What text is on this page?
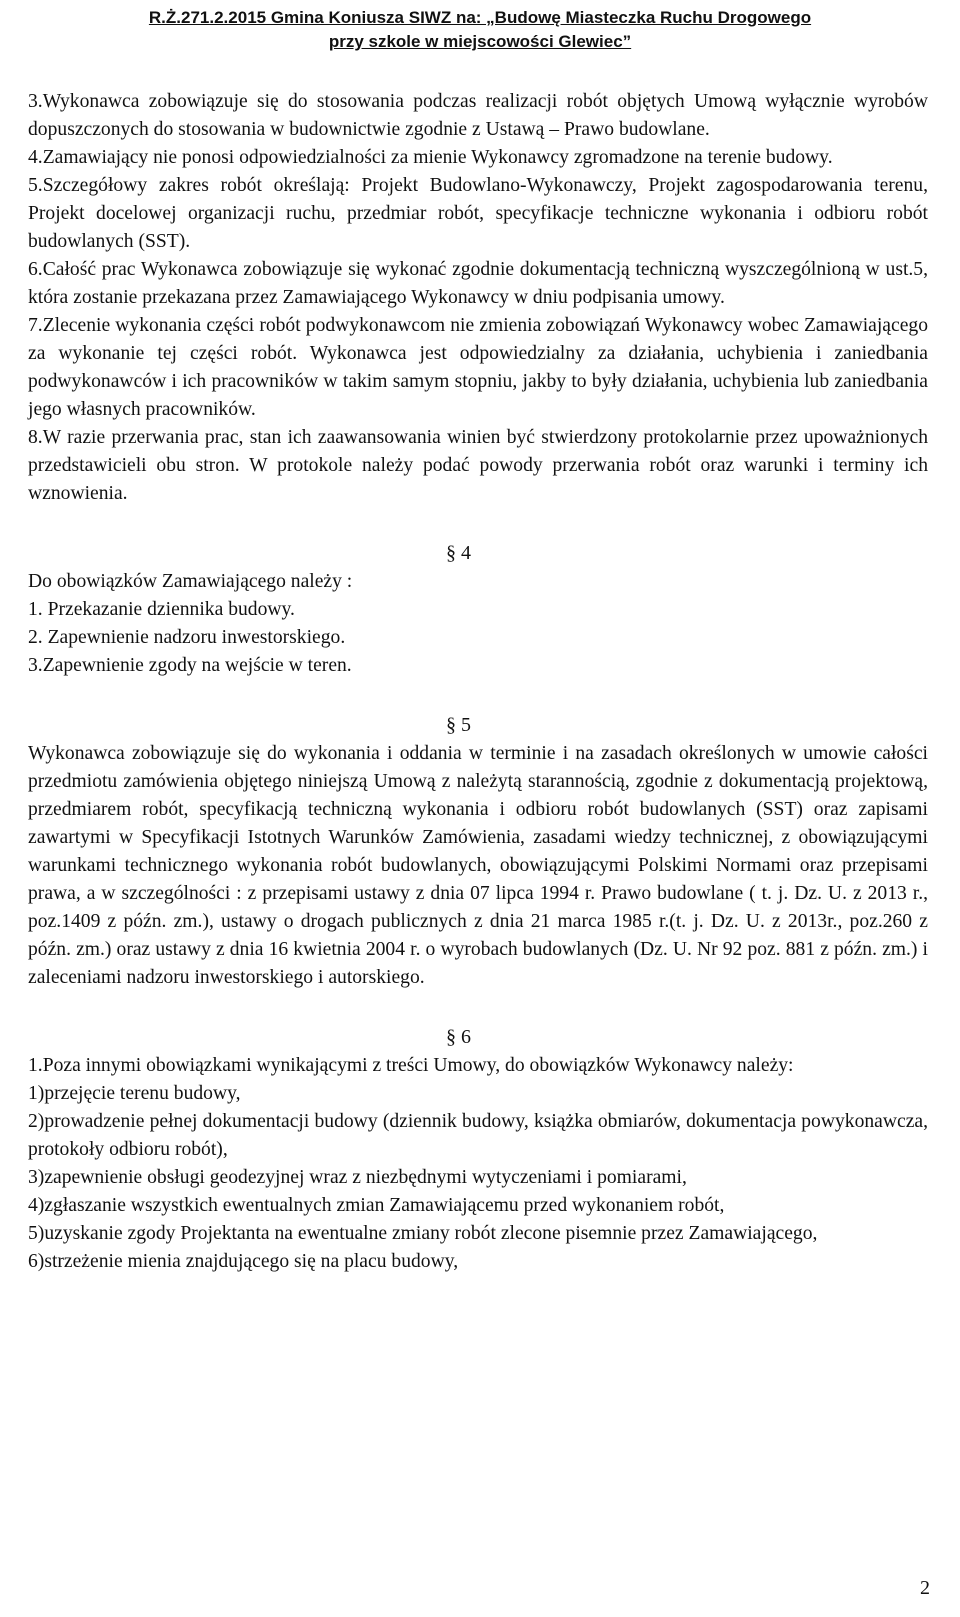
R.Ż.271.2.2015 Gmina Koniusza SIWZ na: „Budowę Miasteczka Ruchu Drogowego
przy szkole w miejscowości Glewiec”

3.Wykonawca zobowiązuje się do stosowania podczas realizacji robót objętych Umową wyłącznie wyrobów dopuszczonych do stosowania w budownictwie zgodnie z Ustawą – Prawo budowlane.

4.Zamawiający nie ponosi odpowiedzialności za mienie Wykonawcy zgromadzone na terenie budowy.

5.Szczegółowy zakres robót określają: Projekt Budowlano-Wykonawczy, Projekt zagospodarowania terenu, Projekt docelowej organizacji ruchu, przedmiar robót, specyfikacje techniczne wykonania i odbioru robót budowlanych (SST).

6.Całość prac Wykonawca zobowiązuje się wykonać zgodnie dokumentacją techniczną wyszczególnioną w ust.5, która zostanie przekazana przez Zamawiającego Wykonawcy w dniu podpisania umowy.

7.Zlecenie wykonania części robót podwykonawcom nie zmienia zobowiązań Wykonawcy wobec Zamawiającego za wykonanie tej części robót. Wykonawca jest odpowiedzialny za działania, uchybienia i zaniedbania podwykonawców i ich pracowników w takim samym stopniu, jakby to były działania, uchybienia lub zaniedbania jego własnych pracowników.

8.W razie przerwania prac, stan ich zaawansowania winien być stwierdzony protokolarnie przez upoważnionych przedstawicieli obu stron. W protokole należy podać powody przerwania robót oraz warunki i terminy ich wznowienia.

§ 4

Do obowiązków Zamawiającego należy :

1. Przekazanie dziennika budowy.

2. Zapewnienie nadzoru inwestorskiego.

3.Zapewnienie zgody na wejście w teren.

§ 5

Wykonawca zobowiązuje się do wykonania i oddania w terminie i na zasadach określonych w umowie całości przedmiotu zamówienia objętego niniejszą Umową z należytą starannością, zgodnie z dokumentacją projektową, przedmiarem robót, specyfikacją techniczną wykonania i odbioru robót budowlanych (SST) oraz zapisami zawartymi w Specyfikacji Istotnych Warunków Zamówienia, zasadami wiedzy technicznej, z obowiązującymi warunkami technicznego wykonania robót budowlanych, obowiązującymi Polskimi Normami oraz przepisami prawa, a w szczególności : z przepisami ustawy z dnia 07 lipca 1994 r. Prawo budowlane ( t. j. Dz. U. z 2013 r., poz.1409 z późn. zm.), ustawy o drogach publicznych z dnia 21 marca 1985 r.(t. j. Dz. U. z 2013r., poz.260 z późn. zm.) oraz ustawy z dnia 16 kwietnia 2004 r. o wyrobach budowlanych (Dz. U. Nr 92 poz. 881 z późn. zm.) i zaleceniami nadzoru inwestorskiego i autorskiego.

§ 6

1.Poza innymi obowiązkami wynikającymi z treści Umowy, do obowiązków Wykonawcy należy:

1)przejęcie terenu budowy,

2)prowadzenie pełnej dokumentacji budowy (dziennik budowy, książka obmiarów, dokumentacja powykonawcza, protokoły odbioru robót),

3)zapewnienie obsługi geodezyjnej wraz z niezbędnymi wytyczeniami i pomiarami,

4)zgłaszanie wszystkich ewentualnych zmian Zamawiającemu przed wykonaniem robót,

5)uzyskanie zgody Projektanta na ewentualne zmiany robót zlecone pisemnie przez Zamawiającego,

6)strzeżenie mienia znajdującego się na placu budowy,

2
